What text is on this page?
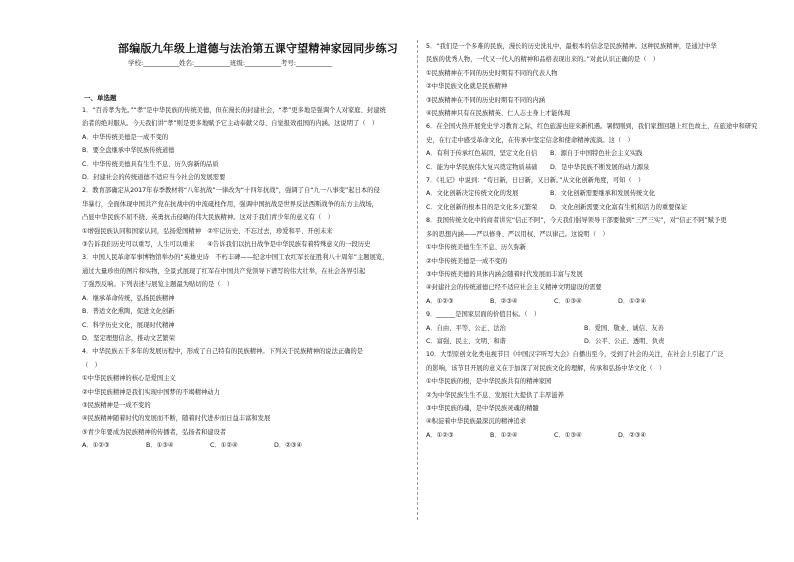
部编版九年级上道德与法治第五课守望精神家园同步练习
学校:___________姓名:___________班级:___________考号:___________
一、单选题
1．“百善孝为先。”“孝”是中华民族的传统美德，但在漫长的封建社会，“孝”更多地是强调个人对家庭、封建统
治者的绝对服从。今天我们讲“孝”则是更多地赋予它主动奉献父母、自觉报效祖国的内涵。这说明了（　）
A．中华传统美德是一成不变的
B．要全盘继承中华民族传统道德
C．中华传统美德具有生生不息、历久弥新的品质
D．封建社会的传统道德不适应当今社会的发展需要
2．教育部确定从2017年春季教材将“八年抗战”一律改为“十四年抗战”，强调了自“九一八事变”起日本的侵
华暴行，全面体现中国共产党在抗战中的中流砥柱作用，强调中国抗战是世界反法西斯战争的东方主战场，
凸显中华民族不屈不挠、英勇抗击侵略的伟大民族精神。这对于我们青少年的意义有（　）
①增强民族认同和国家认同，弘扬爱国精神　②牢记历史、不忘过去，珍爱和平、开创未来
③告诉我们历史可以重写，人生可以重来　　④告诉我们以抗日战争是中华民族有着特殊意义的一段历史
3．中国人民革命军事博物馆举办的“英雄史诗　不朽丰碑——纪念中国工农红军长征胜利八十周年”主题展览，
通过大量珍贵的图片和实物，全景式展现了红军在中国共产党领导下谱写的伟大壮举，在社会各界引起
了强烈反响。下列表述与展览主题最为贴切的是（　）
A．继承革命传统，弘扬民族精神
B．普适文化熏陶，促进文化创新
C．科学历史文化，展现时代精神
D．坚定理想信念，推动文艺繁荣
4．中华民族五千多年的发展历程中，形成了自己特有的民族精神。下列关于民族精神的说法正确的是
（　）
①中华民族精神的核心是爱国主义
②中华民族精神是我们实现中国梦的不竭精神动力
③民族精神是一成不变的
④民族精神随着时代的发展而不断，随着时代进步而日益丰富和发展
⑤青少年要成为民族精神的传播者，弘扬者和建设者
A．①②③	B．①③④	C．①②④	D．②③④
5．“我们是一个多难的民族，漫长的历史洗礼中，最根本的信念是民族精神。这种民族精神，是通过中华
民族的优秀人物，一代又一代人的精神和品格表现出来的。”对此认识正确的是（　）
①民族精神在不同的历史时期有不同的代表人物
②中华民族文化就是民族精神
③民族精神在不同的历史时期有不同的内涵
④民族精神只有在民族精英、仁人志士身上才能体现
6．在全国火热开展党史学习教育之际，红色旅游也迎来新机遇。暑假刚到，我们家想回趟上红色故土，在旅途中和研究
史，在行走中感受革命文化，在传承中坚定信念和使命精神流淌。这（　）
A．有利于传承红色基因，坚定文化自信　　B．源自于中国特色社会主义实践
C．能为中华民族伟大复兴奠定物质基础　　D．是中华民族不断发展的动力源泉
7．《礼记》中说到：“苟日新，日日新，又日新。”从文化创新角度，可知（　）
A．文化创新决定传统文化的发展　　　　　B．文化创新需要继承和发展传统文化
C．文化创新的根本目的是文化多元繁荣　　D．文化创新需要文化富有生机和活力的重要保证
8．我国传统文化中的商者讲究“信正不阿”，今天我们倡导领导干部要做到“三严三实”，对“信正不阿”赋予更
多的思想内涵——严以修身、严以用权、严以律己。这说明（　）
①中华传统美德生生不息、历久弥新
②中华传统美德是一成不变的
③中华传统美德的具体内涵会随着时代发展而丰富与发展
④封建社会的传统道德已经不适应社会主义精神文明建设的需要
A．①②③	B．②③④	C．①③④	D．①②④
9．______是国家层面的价值目标。（　）
A．自由、平等、公正、法治	B．爱国、敬业、诚信、友善
C．富强、民主、文明、和谐	D．公平、公正、透明、负责
10．大型原创文化类电视节目《中国汉字听写大会》自播出至今，受到了社会的关注，在社会上引起了广泛
的影响，该节目开展的意义在于加深了对民族文化的理解，传承和弘扬中华文化（　）
①中华民族的根，是中华民族共有的精神家园
②为中华民族生生不息、发展壮大提供了丰厚滋养
③中华民族的魂，是中华民族灵魂的精髓
④积淀着中华民族最深沉的精神追求
A．①②③	B．①②④	C．①③④	D．②③④
